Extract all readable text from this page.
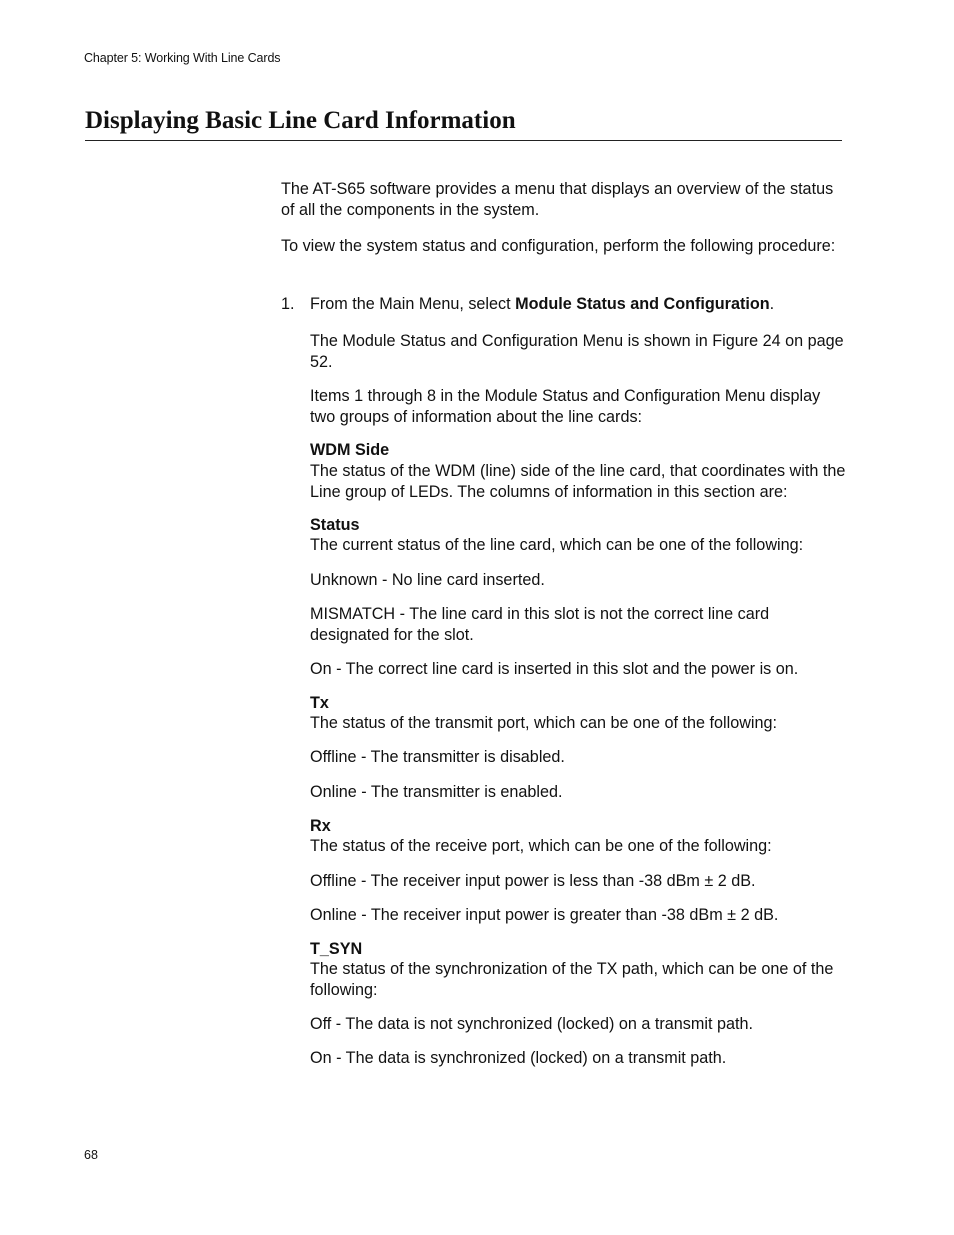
Chapter 5: Working With Line Cards
Displaying Basic Line Card Information
The AT-S65 software provides a menu that displays an overview of the status of all the components in the system.
To view the system status and configuration, perform the following procedure:
1. From the Main Menu, select Module Status and Configuration.
The Module Status and Configuration Menu is shown in Figure 24 on page 52.
Items 1 through 8 in the Module Status and Configuration Menu display two groups of information about the line cards:
WDM Side
The status of the WDM (line) side of the line card, that coordinates with the Line group of LEDs. The columns of information in this section are:
Status
The current status of the line card, which can be one of the following:
Unknown - No line card inserted.
MISMATCH - The line card in this slot is not the correct line card designated for the slot.
On - The correct line card is inserted in this slot and the power is on.
Tx
The status of the transmit port, which can be one of the following:
Offline - The transmitter is disabled.
Online - The transmitter is enabled.
Rx
The status of the receive port, which can be one of the following:
Offline - The receiver input power is less than -38 dBm ± 2 dB.
Online - The receiver input power is greater than -38 dBm ± 2 dB.
T_SYN
The status of the synchronization of the TX path, which can be one of the following:
Off - The data is not synchronized (locked) on a transmit path.
On - The data is synchronized (locked) on a transmit path.
68
